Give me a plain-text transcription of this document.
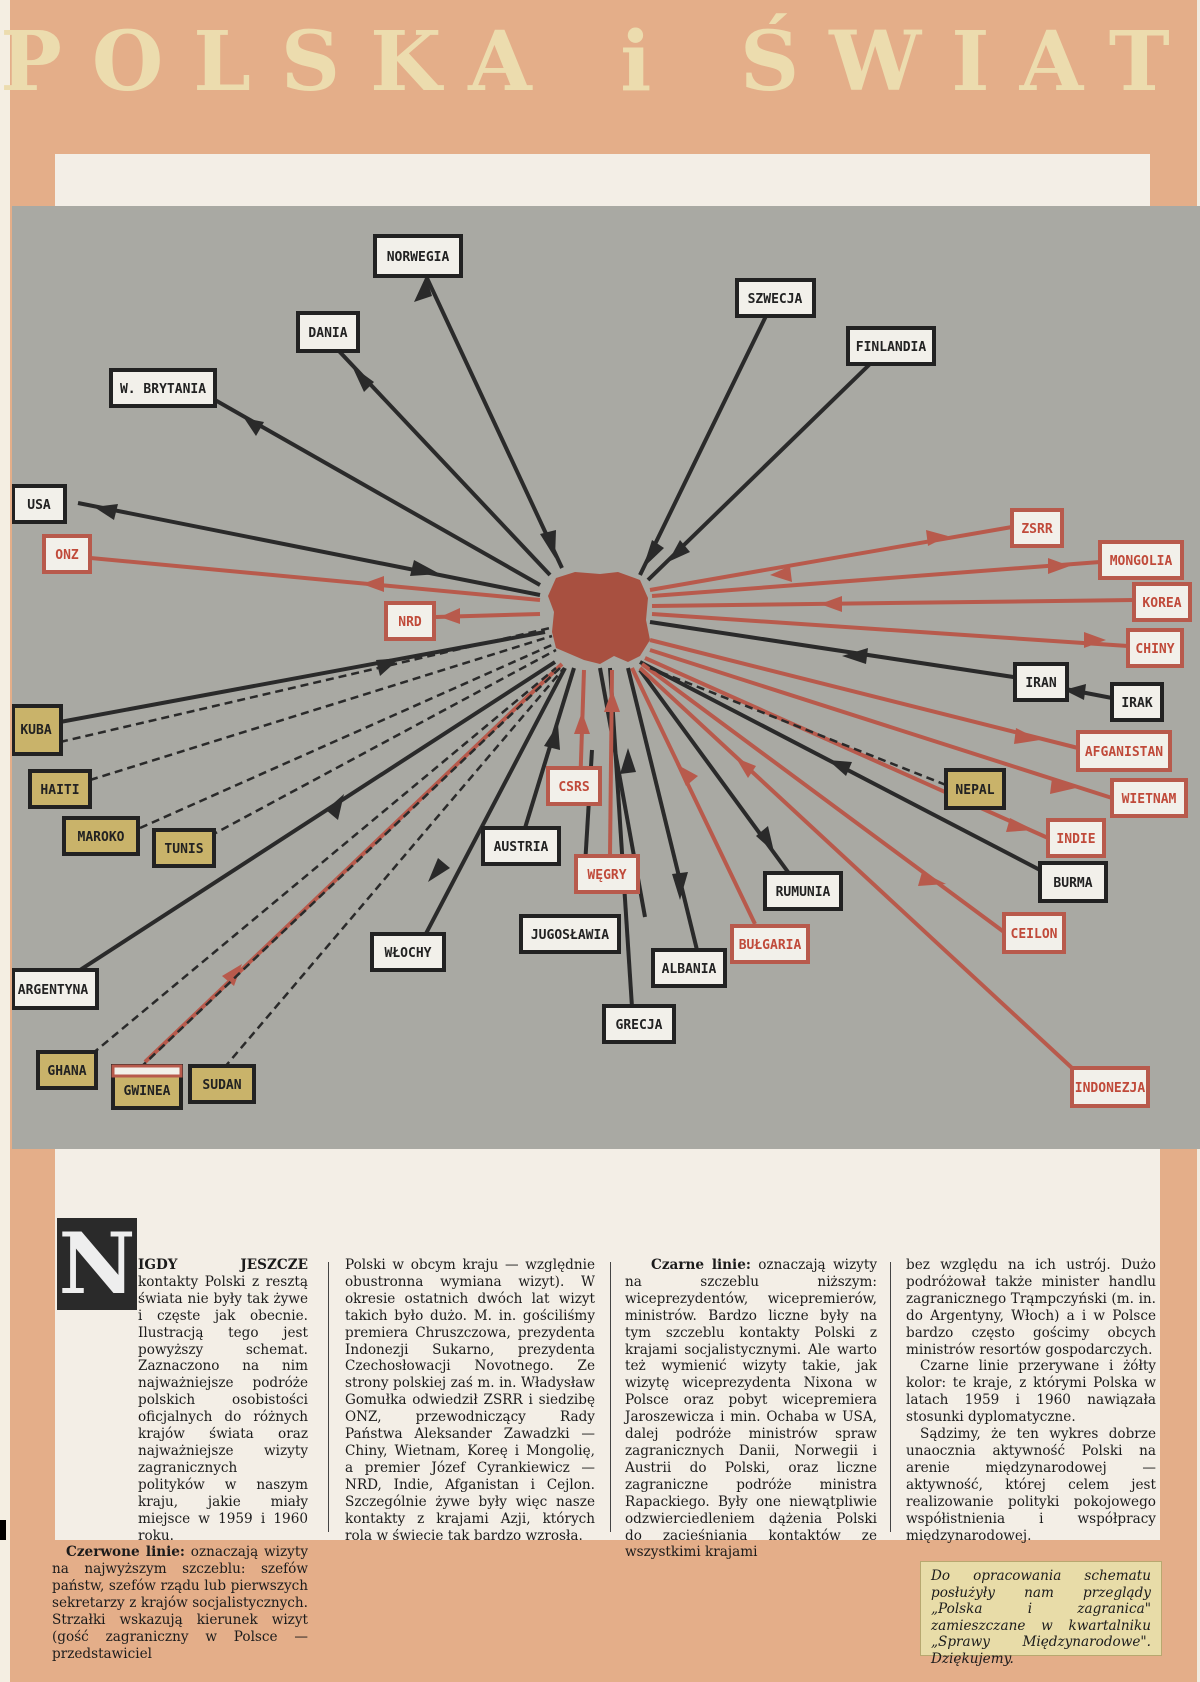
POLSKA i ŚWIAT
NORWEGIA
SZWECJA
DANIA
FINLANDIA
W. BRYTANIA
USA
IRAN
IRAK
BURMA
RUMUNIA
AUSTRIA
JUGOSŁAWIA
WŁOCHY
ALBANIA
ARGENTYNA
GRECJA
ONZ
NRD
ZSRR
MONGOLIA
KOREA
CHINY
AFGANISTAN
WIETNAM
INDIE
CEILON
INDONEZJA
CSRS
WĘGRY
BUŁGARIA
KUBA
HAITI
MAROKO
TUNIS
NEPAL
GHANA
GWINEA SUDAN
N IGDY JESZCZE kontakty Polski z resztą świata nie były tak żywe i częste jak obecnie. Ilustracją tego jest powyższy schemat. Zaznaczono na nim najważniejsze podróże polskich osobistości oficjalnych do różnych krajów świata oraz najważniejsze wizyty zagranicznych polityków w naszym kraju, jakie miały miejsce w 1959 i 1960 roku.

Czerwone linie: oznaczają wizyty na najwyższym szczeblu: szefów państw, szefów rządu lub pierwszych sekretarzy z krajów socjalistycznych. Strzałki wskazują kierunek wizyt (gość zagraniczny w Polsce — przedstawiciel

Polski w obcym kraju — względnie obustronna wymiana wizyt). W okresie ostatnich dwóch lat wizyt takich było dużo. M. in. gościliśmy premiera Chruszczowa, prezydenta Indonezji Sukarno, prezydenta Czechosłowacji Novotnego. Ze strony polskiej zaś m. in. Władysław Gomułka odwiedził ZSRR i siedzibę ONZ, przewodniczący Rady Państwa Aleksander Zawadzki — Chiny, Wietnam, Koreę i Mongolię, a premier Józef Cyrankiewicz — NRD, Indie, Afganistan i Cejlon. Szczególnie żywe były więc nasze kontakty z krajami Azji, których rola w świecie tak bardzo wzrosła.

Czarne linie: oznaczają wizyty na szczeblu niższym: wiceprezydentów, wicepremierów, ministrów. Bardzo liczne były na tym szczeblu kontakty Polski z krajami socjalistycznymi. Ale warto też wymienić wizyty takie, jak wizytę wiceprezydenta Nixona w Polsce oraz pobyt wicepremiera Jaroszewicza i min. Ochaba w USA, dalej podróże ministrów spraw zagranicznych Danii, Norwegii i Austrii do Polski, oraz liczne zagraniczne podróże ministra Rapackiego. Były one niewątpliwie odzwierciedleniem dążenia Polski do zacieśniania kontaktów ze wszystkimi krajami

bez względu na ich ustrój. Dużo podróżował także minister handlu zagranicznego Trąmpczyński (m. in. do Argentyny, Włoch) a i w Polsce bardzo często gościmy obcych ministrów resortów gospodarczych.

Czarne linie przerywane i żółty kolor: te kraje, z którymi Polska w latach 1959 i 1960 nawiązała stosunki dyplomatyczne.

Sądzimy, że ten wykres dobrze unaocznia aktywność Polski na arenie międzynarodowej — aktywność, której celem jest realizowanie polityki pokojowego współistnienia i współpracy międzynarodowej.

Do opracowania schematu posłużyły nam przeglądy „Polska i zagranica" zamieszczane w kwartalniku „Sprawy Międzynarodowe". Dziękujemy.
